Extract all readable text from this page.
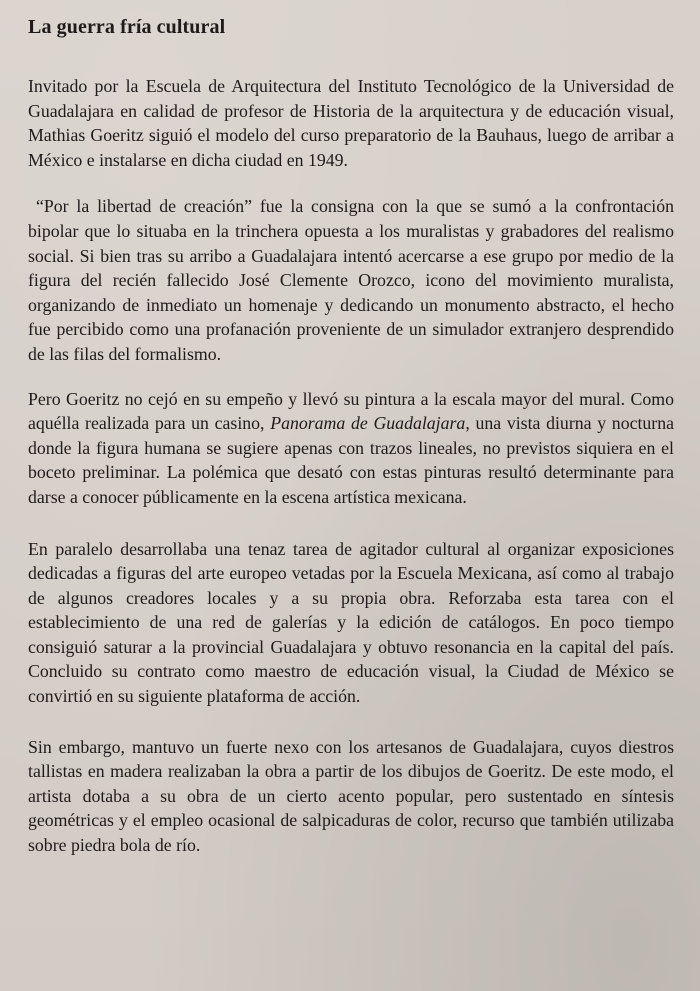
La guerra fría cultural

Invitado por la Escuela de Arquitectura del Instituto Tecnológico de la Universidad de Guadalajara en calidad de profesor de Historia de la arquitectura y de educación visual, Mathias Goeritz siguió el modelo del curso preparatorio de la Bauhaus, luego de arribar a México e instalarse en dicha ciudad en 1949.

“Por la libertad de creación” fue la consigna con la que se sumó a la confrontación bipolar que lo situaba en la trinchera opuesta a los muralistas y grabadores del realismo social. Si bien tras su arribo a Guadalajara intentó acercarse a ese grupo por medio de la figura del recién fallecido José Clemente Orozco, icono del movimiento muralista, organizando de inmediato un homenaje y dedicando un monumento abstracto, el hecho fue percibido como una profanación proveniente de un simulador extranjero desprendido de las filas del formalismo.

Pero Goeritz no cejó en su empeño y llevó su pintura a la escala mayor del mural. Como aquélla realizada para un casino, Panorama de Guadalajara, una vista diurna y nocturna donde la figura humana se sugiere apenas con trazos lineales, no previstos siquiera en el boceto preliminar. La polémica que desató con estas pinturas resultó determinante para darse a conocer públicamente en la escena artística mexicana.

En paralelo desarrollaba una tenaz tarea de agitador cultural al organizar exposiciones dedicadas a figuras del arte europeo vetadas por la Escuela Mexicana, así como al trabajo de algunos creadores locales y a su propia obra. Reforzaba esta tarea con el establecimiento de una red de galerías y la edición de catálogos. En poco tiempo consiguió saturar a la provincial Guadalajara y obtuvo resonancia en la capital del país. Concluido su contrato como maestro de educación visual, la Ciudad de México se convirtió en su siguiente plataforma de acción.

Sin embargo, mantuvo un fuerte nexo con los artesanos de Guadalajara, cuyos diestros tallistas en madera realizaban la obra a partir de los dibujos de Goeritz. De este modo, el artista dotaba a su obra de un cierto acento popular, pero sustentado en síntesis geométricas y el empleo ocasional de salpicaduras de color, recurso que también utilizaba sobre piedra bola de río.
